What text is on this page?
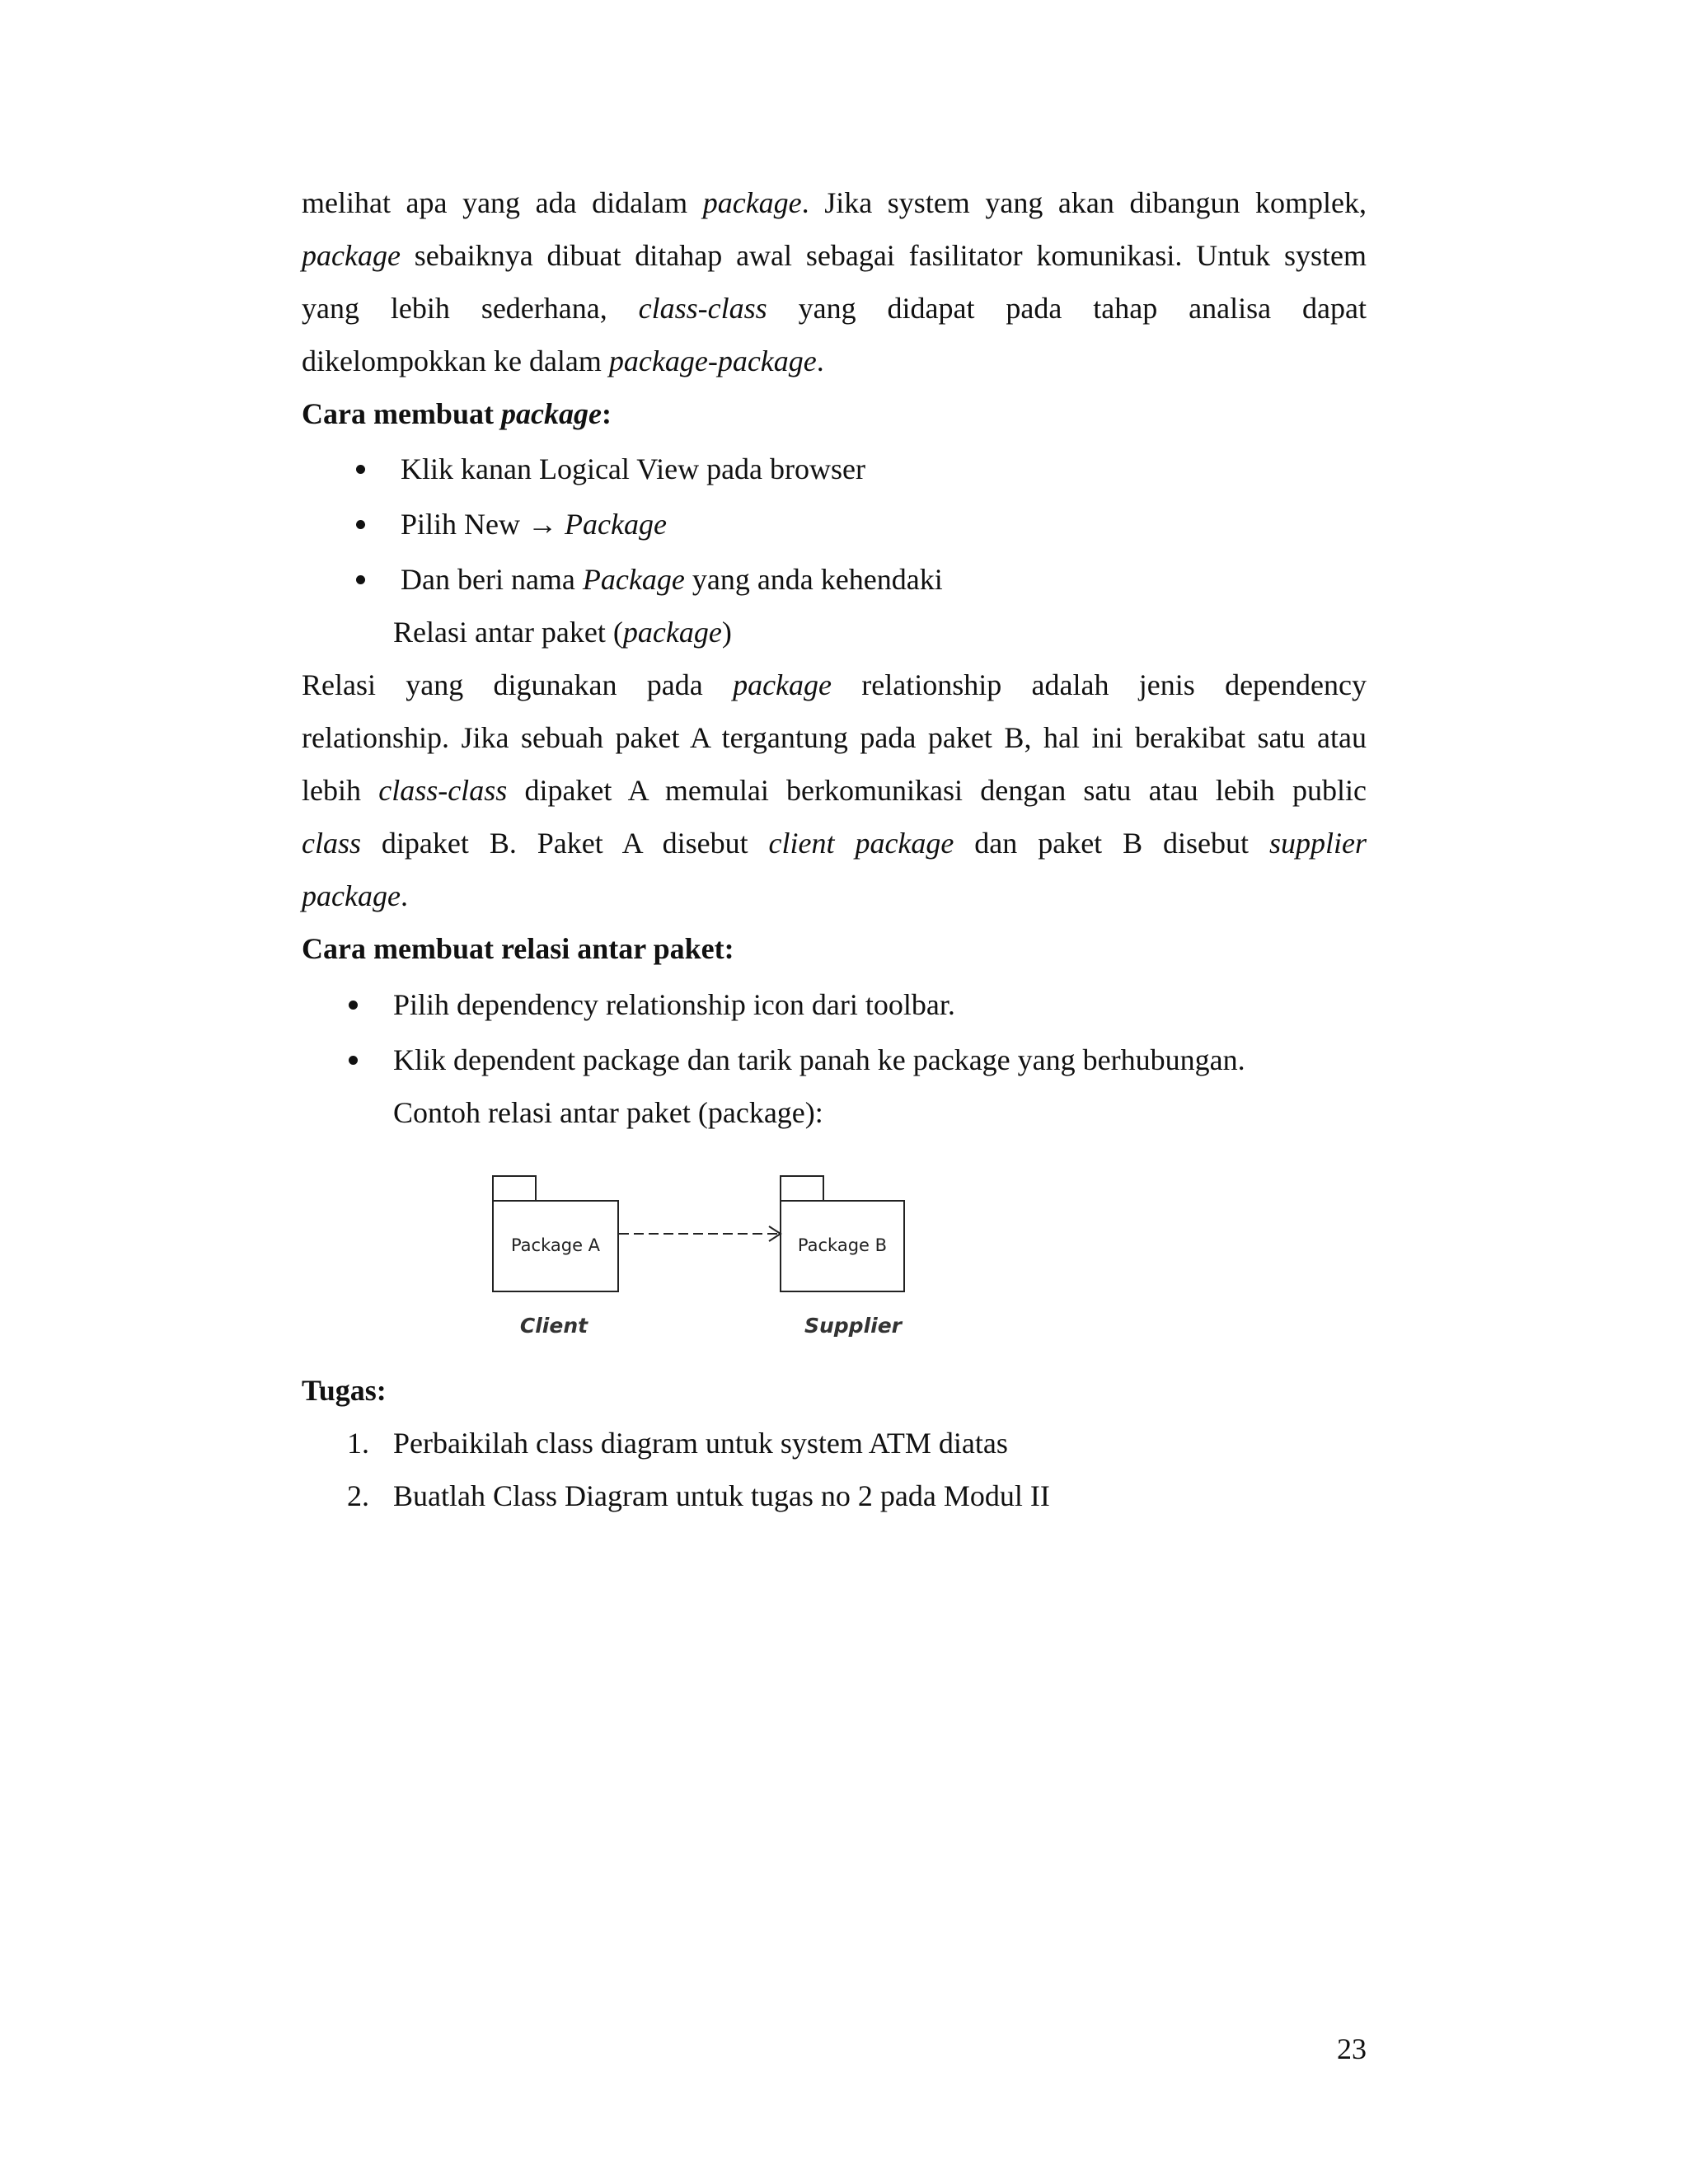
melihat apa yang ada didalam package. Jika system yang akan dibangun komplek,

package sebaiknya dibuat ditahap awal sebagai fasilitator komunikasi. Untuk system

yang lebih sederhana, class-class yang didapat pada tahap analisa dapat

dikelompokkan ke dalam package-package.

Cara membuat package:

Klik kanan Logical View pada browser
Pilih New → Package
Dan beri nama Package yang anda kehendaki
Relasi antar paket (package)

Relasi yang digunakan pada package relationship adalah jenis dependency

relationship. Jika sebuah paket A tergantung pada paket B, hal ini berakibat satu atau

lebih class-class dipaket A memulai berkomunikasi dengan satu atau lebih public

class dipaket B. Paket A disebut client package dan paket B disebut supplier

package.

Cara membuat relasi antar paket:

Pilih dependency relationship icon dari toolbar.
Klik dependent package dan tarik panah ke package yang berhubungan.
Contoh relasi antar paket (package):
Package A	Package B
Client	Supplier

Tugas:

1. Perbaikilah class diagram untuk system ATM diatas
2. Buatlah Class Diagram untuk tugas no 2 pada Modul II
23
